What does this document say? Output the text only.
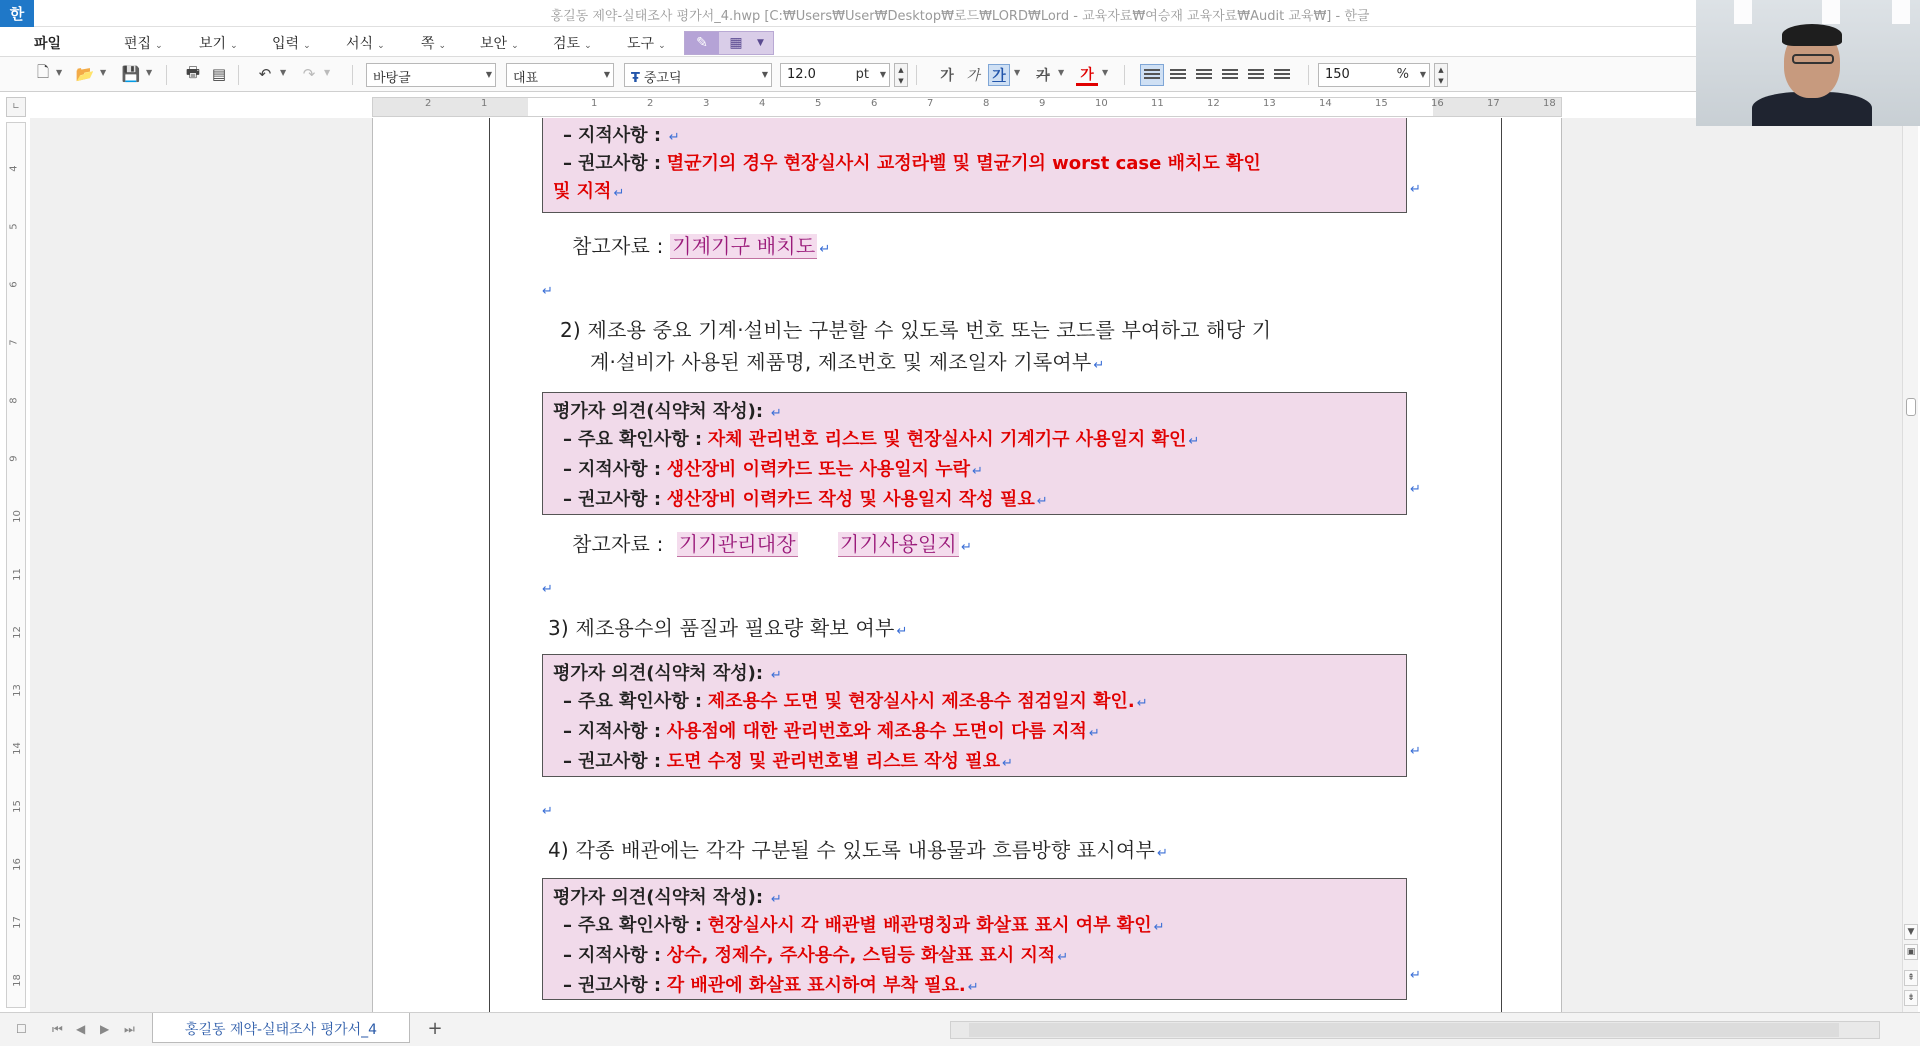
한	홍길동 제약-실태조사 평가서_4.hwp [C:₩Users₩User₩Desktop₩로드₩LORD₩Lord - 교육자료₩여승재 교육자료₩Audit 교육₩] - 한글
파일	편집 ⌄	보기 ⌄ 입력 ⌄	서식 ⌄	쪽 ⌄ 보안 ⌄ 검토 ⌄	도구 ⌄	✎	▦	▼
🗋 ▼ 📂 ▼ 💾 ▼ 🖶 ▤	↶	▼	↷	▼	바탕글	▼	대표	▼	Ŧ 중고딕	▼	12.0	pt ▼
▲
▼	가 가 가	▼	가	▼	가	▼	150	% ▼
▲
▼
∟	2	1	1	2	3	4	5	6	7	8	9	10	11	12	13	14	15	16	17	18
4
5
6
7
8
9
10
11
12
13
14
15
16
17
18
– 지적사항 : ↵
– 권고사항 : 멸균기의 경우 현장실사시 교정라벨 및 멸균기의 worst case 배치도 확인
및 지적 ↵	↵
참고자료 : 기계기구 배치도 ↵
↵
2) 제조용 중요 기계·설비는 구분할 수 있도록 번호 또는 코드를 부여하고 해당 기
계·설비가 사용된 제품명, 제조번호 및 제조일자 기록여부 ↵
평가자 의견(식약처 작성): ↵
– 주요 확인사항 : 자체 관리번호 리스트 및 현장실사시 기계기구 사용일지 확인 ↵
– 지적사항 : 생산장비 이력카드 또는 사용일지 누락 ↵
– 권고사항 : 생산장비 이력카드 작성 및 사용일지 작성 필요 ↵
↵
참고자료 : 기기관리대장 기기사용일지 ↵
↵
3) 제조용수의 품질과 필요량 확보 여부 ↵
평가자 의견(식약처 작성): ↵
– 주요 확인사항 : 제조용수 도면 및 현장실사시 제조용수 점검일지 확인. ↵
– 지적사항 : 사용점에 대한 관리번호와 제조용수 도면이 다름 지적 ↵
– 권고사항 : 도면 수정 및 관리번호별 리스트 작성 필요 ↵
↵
↵
4) 각종 배관에는 각각 구분될 수 있도록 내용물과 흐름방향 표시여부 ↵
평가자 의견(식약처 작성): ↵
– 주요 확인사항 : 현장실사시 각 배관별 배관명칭과 화살표 표시 여부 확인 ↵
– 지적사항 : 상수, 정제수, 주사용수, 스팀등 화살표 표시 지적 ↵
– 권고사항 : 각 배관에 화살표 표시하여 부착 필요. ↵
↵
▼
▣
⇞
⇟
☐ ⏮ ◀ ▶ ⏭	홍길동 제약-실태조사 평가서_4	+
